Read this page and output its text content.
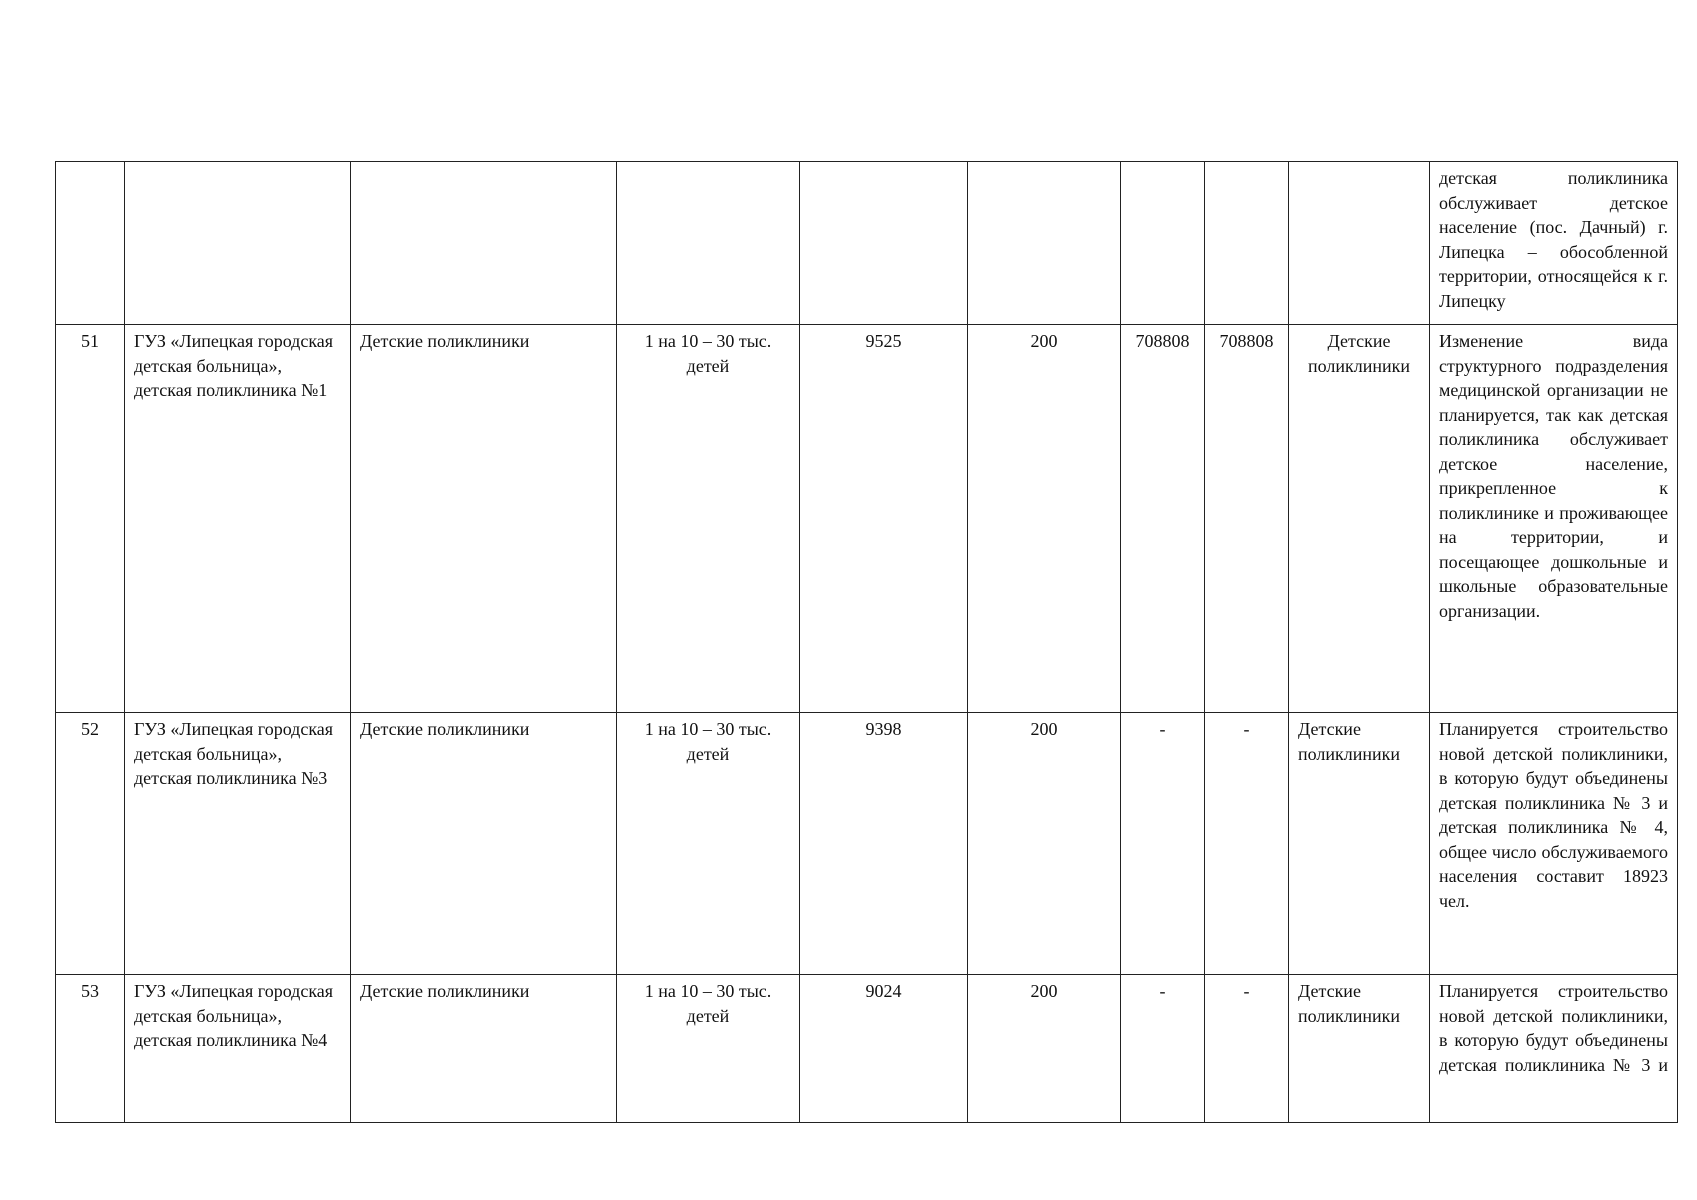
									детская поликлиника обслуживает детское население (пос. Дачный) г. Липецка – обособленной территории, относящейся к г. Липецку
51	ГУЗ «Липецкая городская детская больница», детская поликлиника №1	Детские поликлиники	1 на 10 – 30 тыс. детей	9525	200	708808	708808	Детские поликлиники	Изменение вида структурного подразделения медицинской организации не планируется, так как детская поликлиника обслуживает детское население, прикрепленное к поликлинике и проживающее на территории, и посещающее дошкольные и школьные образовательные организации.
52	ГУЗ «Липецкая городская детская больница», детская поликлиника №3	Детские поликлиники	1 на 10 – 30 тыс. детей	9398	200	-	-	Детские поликлиники	Планируется строительство новой детской поликлиники, в которую будут объединены детская поликлиника № 3 и детская поликлиника № 4, общее число обслуживаемого населения составит 18923 чел.
53	ГУЗ «Липецкая городская детская больница», детская поликлиника №4	Детские поликлиники	1 на 10 – 30 тыс. детей	9024	200	-	-	Детские поликлиники	Планируется строительство новой детской поликлиники, в которую будут объединены детская поликлиника № 3 и
